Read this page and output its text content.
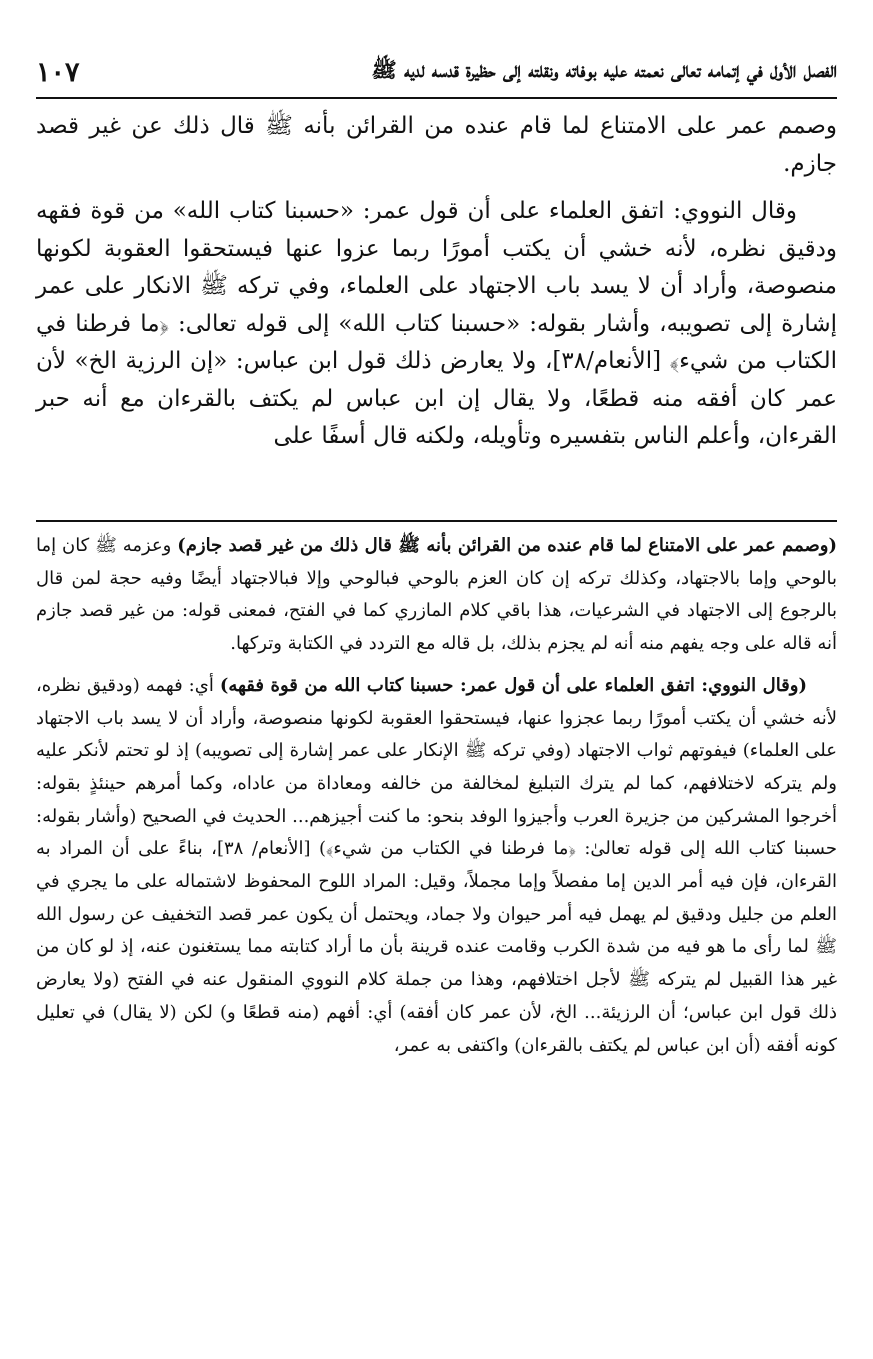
الفصل الأول في إتمامه تعالى نعمته عليه بوفاته ونقلته إلى حظيرة قدسه لديه ﷺ
١٠٧

وصمم عمر على الامتناع لما قام عنده من القرائن بأنه ﷺ قال ذلك عن غير قصد جازم.

وقال النووي: اتفق العلماء على أن قول عمر: «حسبنا كتاب الله» من قوة فقهه ودقيق نظره، لأنه خشي أن يكتب أمورًا ربما عزوا عنها فيستحقوا العقوبة لكونها منصوصة، وأراد أن لا يسد باب الاجتهاد على العلماء، وفي تركه ﷺ الانكار على عمر إشارة إلى تصويبه، وأشار بقوله: «حسبنا كتاب الله» إلى قوله تعالى: ﴿ما فرطنا في الكتاب من شيء﴾ [الأنعام/٣٨]، ولا يعارض ذلك قول ابن عباس: «إن الرزية الخ» لأن عمر كان أفقه منه قطعًا، ولا يقال إن ابن عباس لم يكتف بالقرءان مع أنه حبر القرءان، وأعلم الناس بتفسيره وتأويله، ولكنه قال أسفًا على

(وصمم عمر على الامتناع لما قام عنده من القرائن بأنه ﷺ قال ذلك من غير قصد جازم) وعزمه ﷺ كان إما بالوحي وإما بالاجتهاد، وكذلك تركه إن كان العزم بالوحي فبالوحي وإلا فبالاجتهاد أيضًا وفيه حجة لمن قال بالرجوع إلى الاجتهاد في الشرعيات، هذا باقي كلام المازري كما في الفتح، فمعنى قوله: من غير قصد جازم أنه قاله على وجه يفهم منه أنه لم يجزم بذلك، بل قاله مع التردد في الكتابة وتركها.

(وقال النووي: اتفق العلماء على أن قول عمر: حسبنا كتاب الله من قوة فقهه) أي: فهمه (ودقيق نظره، لأنه خشي أن يكتب أمورًا ربما عجزوا عنها، فيستحقوا العقوبة لكونها منصوصة، وأراد أن لا يسد باب الاجتهاد على العلماء) فيفوتهم ثواب الاجتهاد (وفي تركه ﷺ الإنكار على عمر إشارة إلى تصويبه) إذ لو تحتم لأنكر عليه ولم يتركه لاختلافهم، كما لم يترك التبليغ لمخالفة من خالفه ومعاداة من عاداه، وكما أمرهم حينئذٍ بقوله: أخرجوا المشركين من جزيرة العرب وأجيزوا الوفد بنحو: ما كنت أجيزهم... الحديث في الصحيح (وأشار بقوله: حسبنا كتاب الله إلى قوله تعالىٰ: ﴿ما فرطنا في الكتاب من شيء﴾) [الأنعام/ ٣٨]، بناءً على أن المراد به القرءان، فإن فيه أمر الدين إما مفصلاً وإما مجملاً، وقيل: المراد اللوح المحفوظ لاشتماله على ما يجري في العلم من جليل ودقيق لم يهمل فيه أمر حيوان ولا جماد، ويحتمل أن يكون عمر قصد التخفيف عن رسول الله ﷺ لما رأى ما هو فيه من شدة الكرب وقامت عنده قرينة بأن ما أراد كتابته مما يستغنون عنه، إذ لو كان من غير هذا القبيل لم يتركه ﷺ لأجل اختلافهم، وهذا من جملة كلام النووي المنقول عنه في الفتح (ولا يعارض ذلك قول ابن عباس؛ أن الرزيئة... الخ، لأن عمر كان أفقه) أي: أفهم (منه قطعًا و) لكن (لا يقال) في تعليل كونه أفقه (أن ابن عباس لم يكتف بالقرءان) واكتفى به عمر،
